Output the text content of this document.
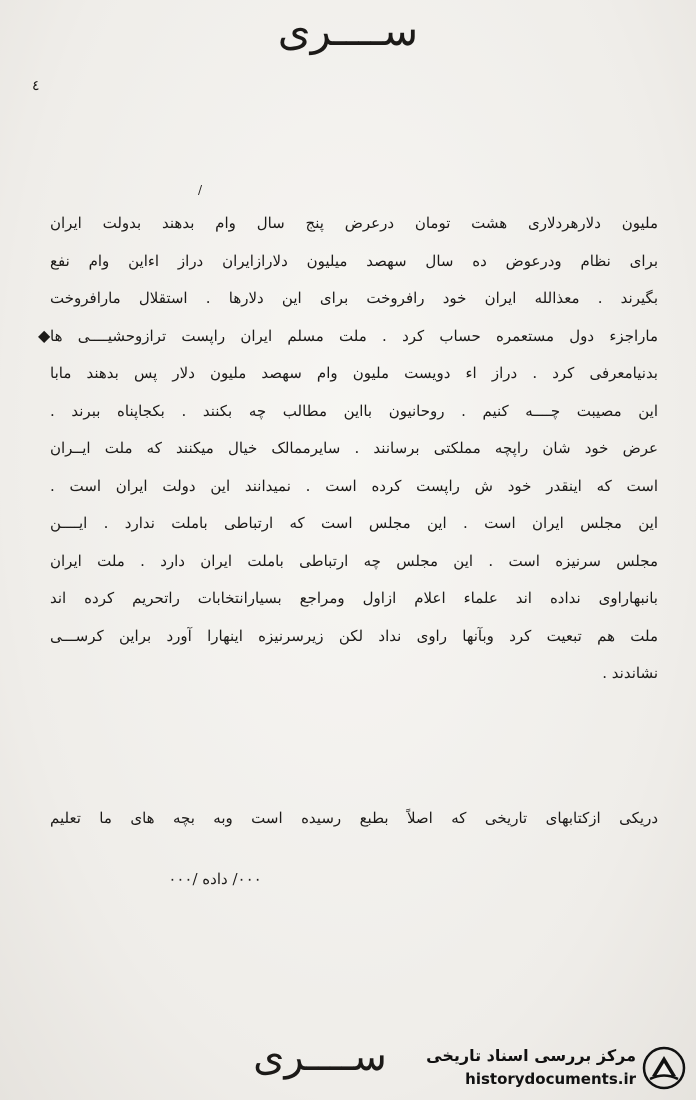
ســــری
٤
/
◆
ملیون دلارهردلاری هشت تومان درعرض پنج سال وام بدهند بدولت ایران
برای نظام ودرعوض ده سال سهصد میلیون دلارازایران دراز اءاین وام نفع
بگیرند . معذالله ایران خود رافروخت برای این دلارها . استقلال مارافروخت
ماراجزء دول مستعمره حساب کرد . ملت مسلم ایران راپست ترازوحشیــــی ها
بدنیامعرفی کرد . دراز اء دویست ملیون وام سهصد ملیون دلار پس بدهند مابا
این مصیبت چــــه کنیم . روحانیون بااین مطالب چه بکنند . بکجاپناه ببرند .
عرض خود شان راپچه مملکتی برسانند . سایرممالک خیال میکنند که ملت ایــران
است که اینقدر خود ش راپست کرده است . نمیدانند این دولت ایران است .
این مجلس ایران است . این مجلس است که ارتباطی باملت ندارد . ایــــن
مجلس سرنیزه است . این مجلس چه ارتباطی باملت ایران دارد . ملت ایران
بانبهاراوی نداده اند علماء اعلام ازاول ومراجع بسیارانتخابات راتحریم کرده اند
ملت هم تبعیت کرد وبآنها راوی نداد لکن زیرسرنیزه اینهارا آورد براین کرســـی
نشاندند .
دریکی ازکتابهای تاریخی که اصلاً بطبع رسیده است وبه بچه های ما تعلیم
۰۰۰/ داده /۰۰۰
ســــری	مرکز بررسی اسناد تاریخی
historydocuments.ir
